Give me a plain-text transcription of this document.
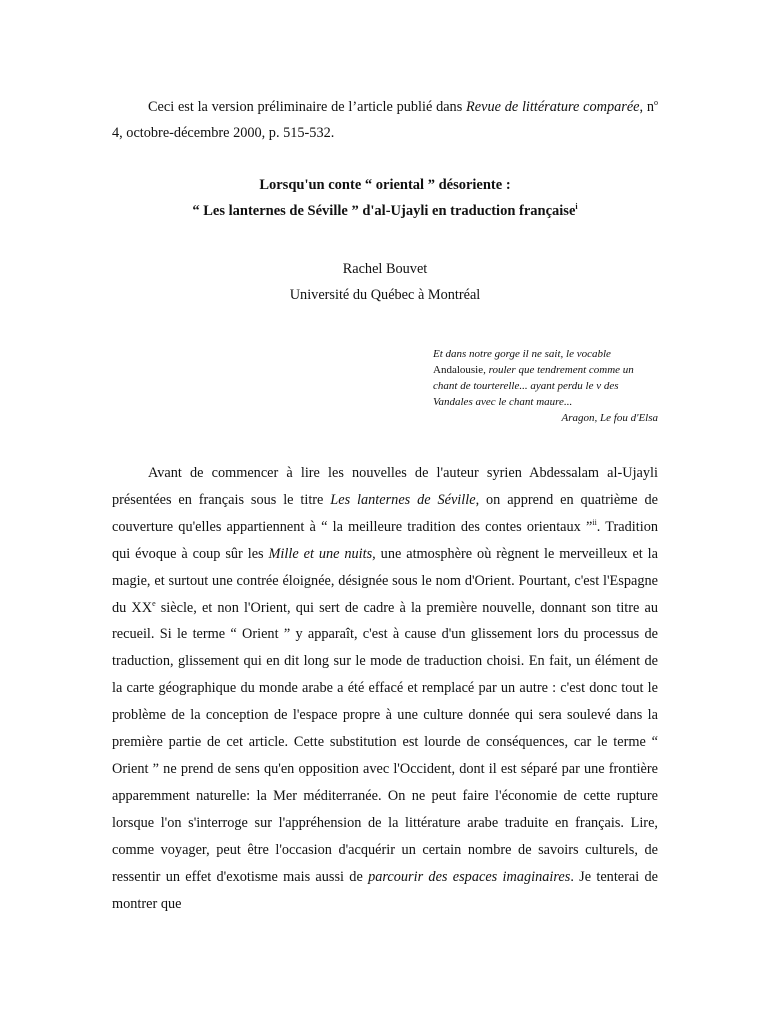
Ceci est la version préliminaire de l’article publié dans Revue de littérature comparée, $n^o$ 4, octobre-décembre 2000, p. 515-532.
Lorsqu'un conte “ oriental ” désoriente :
“ Les lanternes de Séville ” d'al-Ujayli en traduction française$^i$
Rachel Bouvet
Université du Québec à Montréal
Et dans notre gorge il ne sait, le vocable Andalousie, rouler que tendrement comme un chant de tourterelle... ayant perdu le v des Vandales avec le chant maure...
Aragon, Le fou d'Elsa

Avant de commencer à lire les nouvelles de l'auteur syrien Abdessalam al-Ujayli présentées en français sous le titre Les lanternes de Séville, on apprend en quatrième de couverture qu'elles appartiennent à “ la meilleure tradition des contes orientaux ”$^{ii}$. Tradition qui évoque à coup sûr les Mille et une nuits, une atmosphère où règnent le merveilleux et la magie, et surtout une contrée éloignée, désignée sous le nom d'Orient. Pourtant, c'est l'Espagne du XXe siècle, et non l'Orient, qui sert de cadre à la première nouvelle, donnant son titre au recueil. Si le terme “ Orient ” y apparaît, c'est à cause d'un glissement lors du processus de traduction, glissement qui en dit long sur le mode de traduction choisi. En fait, un élément de la carte géographique du monde arabe a été effacé et remplacé par un autre : c'est donc tout le problème de la conception de l'espace propre à une culture donnée qui sera soulevé dans la première partie de cet article. Cette substitution est lourde de conséquences, car le terme “ Orient ” ne prend de sens qu'en opposition avec l'Occident, dont il est séparé par une frontière apparemment naturelle: la Mer méditerranée. On ne peut faire l'économie de cette rupture lorsque l'on s'interroge sur l'appréhension de la littérature arabe traduite en français. Lire, comme voyager, peut être l'occasion d'acquérir un certain nombre de savoirs culturels, de ressentir un effet d'exotisme mais aussi de parcourir des espaces imaginaires. Je tenterai de montrer que
